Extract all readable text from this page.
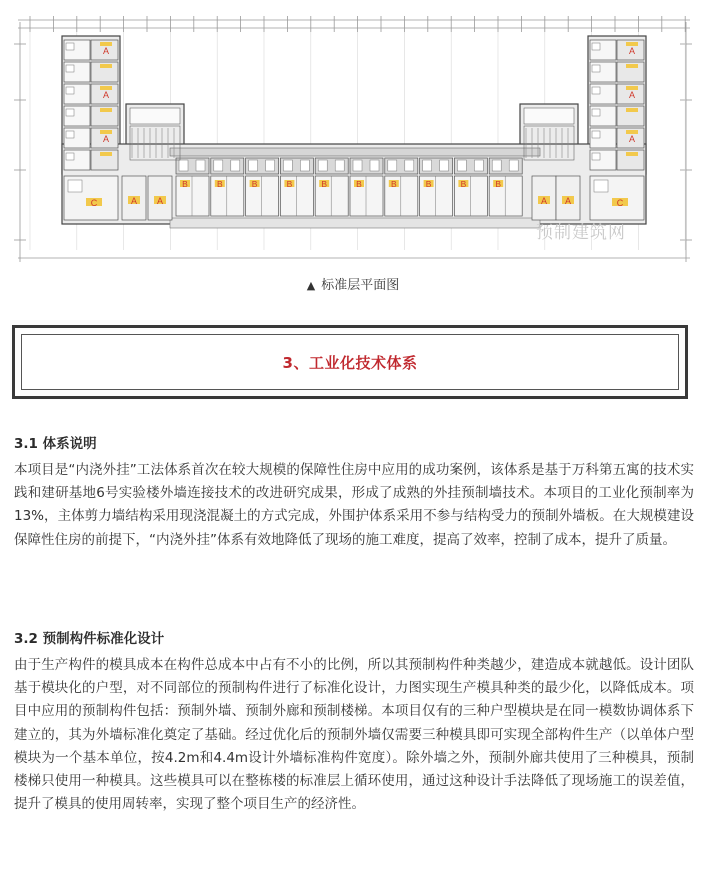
A
A
A
A
A
A
C	C
A A	A A
B	B	B	B	B	B	B	B	B	B
预制建筑网
▲ 标准层平面图
3、工业化技术体系
3.1 体系说明

本项目是“内浇外挂”工法体系首次在较大规模的保障性住房中应用的成功案例，该体系是基于万科第五寓的技术实践和建研基地6号实验楼外墙连接技术的改进研究成果，形成了成熟的外挂预制墙技术。本项目的工业化预制率为13%，主体剪力墙结构采用现浇混凝土的方式完成，外围护体系采用不参与结构受力的预制外墙板。在大规模建设保障性住房的前提下，“内浇外挂”体系有效地降低了现场的施工难度，提高了效率，控制了成本，提升了质量。

3.2 预制构件标准化设计

由于生产构件的模具成本在构件总成本中占有不小的比例，所以其预制构件种类越少，建造成本就越低。设计团队基于模块化的户型，对不同部位的预制构件进行了标准化设计，力图实现生产模具种类的最少化，以降低成本。项目中应用的预制构件包括：预制外墙、预制外廊和预制楼梯。本项目仅有的三种户型模块是在同一模数协调体系下建立的，其为外墙标准化奠定了基础。经过优化后的预制外墙仅需要三种模具即可实现全部构件生产（以单体户型模块为一个基本单位，按4.2m和4.4m设计外墙标准构件宽度）。除外墙之外，预制外廊共使用了三种模具，预制楼梯只使用一种模具。这些模具可以在整栋楼的标准层上循环使用，通过这种设计手法降低了现场施工的误差值，提升了模具的使用周转率，实现了整个项目生产的经济性。
